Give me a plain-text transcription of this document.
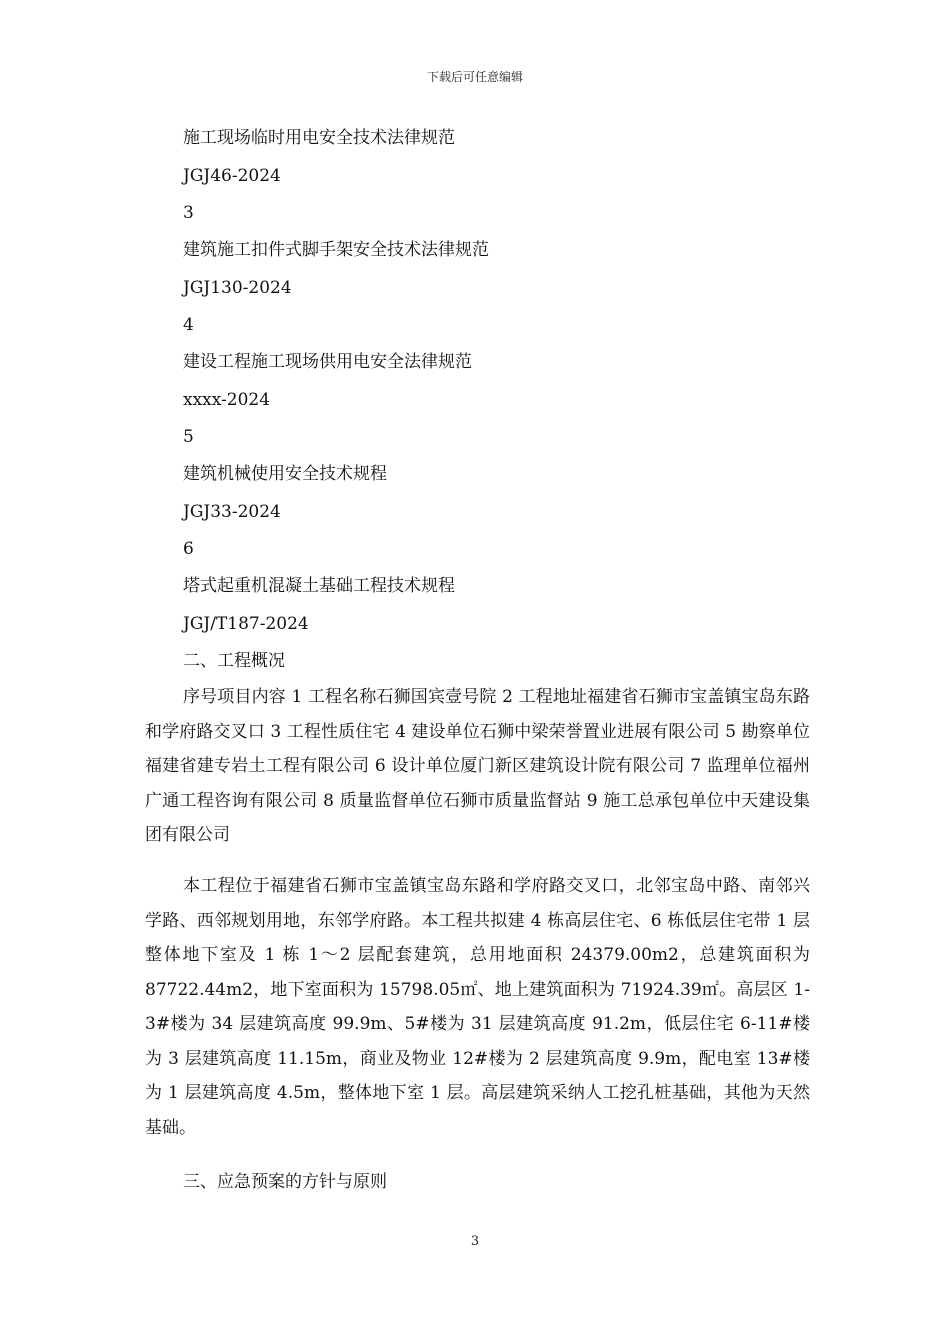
下载后可任意编辑
施工现场临时用电安全技术法律规范
JGJ46-2024
3
建筑施工扣件式脚手架安全技术法律规范
JGJ130-2024
4
建设工程施工现场供用电安全法律规范
xxxx-2024
5
建筑机械使用安全技术规程
JGJ33-2024
6
塔式起重机混凝土基础工程技术规程
JGJ/T187-2024
二、工程概况
序号项目内容 1 工程名称石狮国宾壹号院 2 工程地址福建省石狮市宝盖镇宝岛东路和学府路交叉口 3 工程性质住宅 4 建设单位石狮中梁荣誉置业进展有限公司 5 勘察单位福建省建专岩土工程有限公司 6 设计单位厦门新区建筑设计院有限公司 7 监理单位福州广通工程咨询有限公司 8 质量监督单位石狮市质量监督站 9 施工总承包单位中天建设集团有限公司
本工程位于福建省石狮市宝盖镇宝岛东路和学府路交叉口，北邻宝岛中路、南邻兴学路、西邻规划用地，东邻学府路。本工程共拟建 4 栋高层住宅、6 栋低层住宅带 1 层整体地下室及 1 栋 1～2 层配套建筑，总用地面积 24379.00m2，总建筑面积为 87722.44m2，地下室面积为 15798.05㎡、地上建筑面积为 71924.39㎡。高层区 1-3#楼为 34 层建筑高度 99.9m、5#楼为 31 层建筑高度 91.2m，低层住宅 6-11#楼为 3 层建筑高度 11.15m，商业及物业 12#楼为 2 层建筑高度 9.9m，配电室 13#楼为 1 层建筑高度 4.5m，整体地下室 1 层。高层建筑采纳人工挖孔桩基础，其他为天然基础。
三、应急预案的方针与原则
3
